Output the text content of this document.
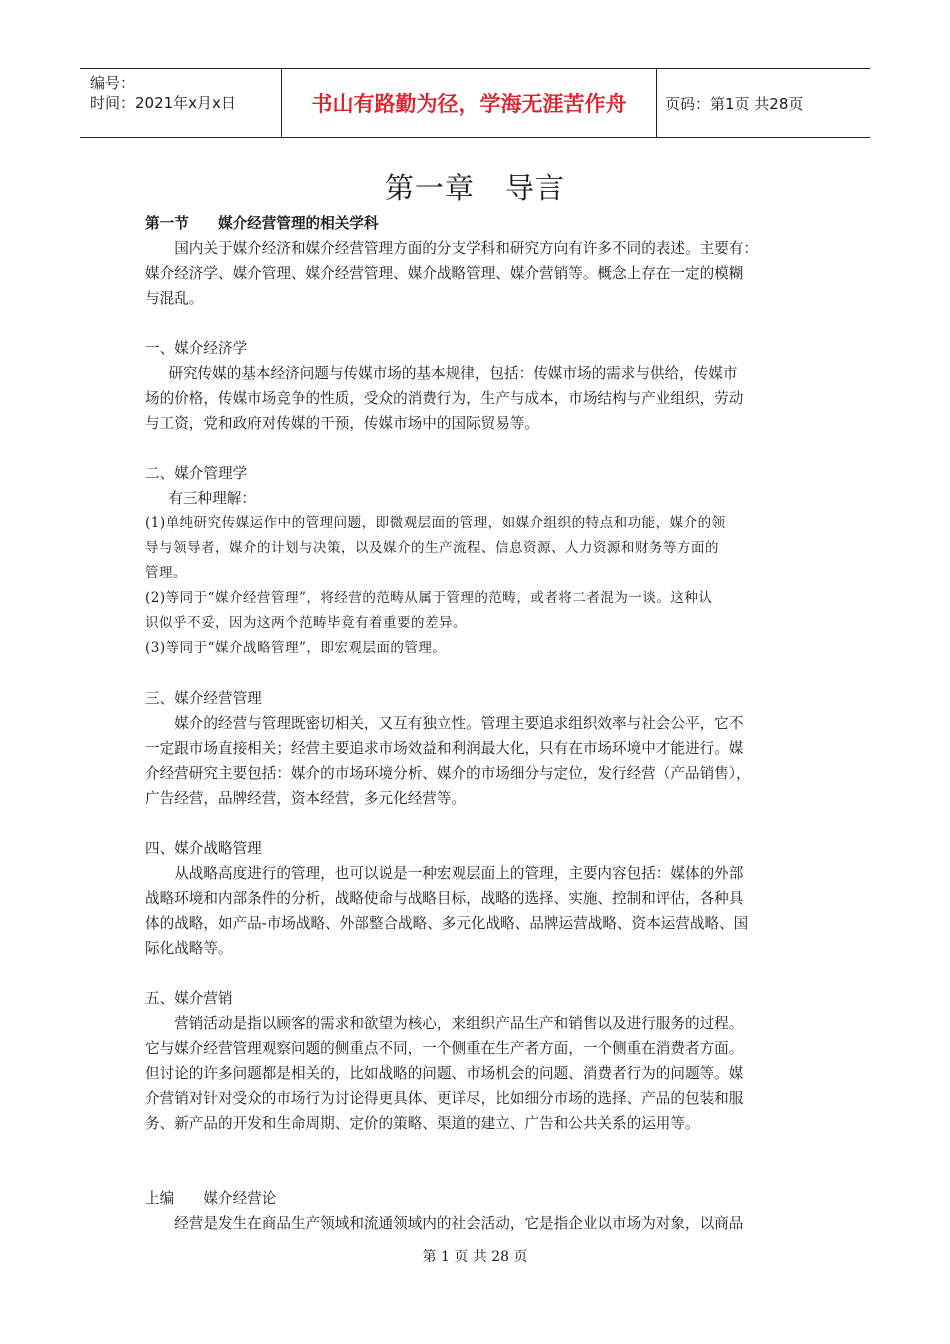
编号：
时间：2021年x月x日	书山有路勤为径，学海无涯苦作舟	页码：第1页 共28页
第一章　导言

第一节　　媒介经营管理的相关学科

国内关于媒介经济和媒介经营管理方面的分支学科和研究方向有许多不同的表述。主要有：

媒介经济学、媒介管理、媒介经营管理、媒介战略管理、媒介营销等。概念上存在一定的模糊

与混乱。

一、媒介经济学

研究传媒的基本经济问题与传媒市场的基本规律，包括：传媒市场的需求与供给，传媒市

场的价格，传媒市场竞争的性质，受众的消费行为，生产与成本，市场结构与产业组织，劳动

与工资，党和政府对传媒的干预，传媒市场中的国际贸易等。

二、媒介管理学

有三种理解：

(1)单纯研究传媒运作中的管理问题，即微观层面的管理，如媒介组织的特点和功能，媒介的领

导与领导者，媒介的计划与决策，以及媒介的生产流程、信息资源、人力资源和财务等方面的

管理。

(2)等同于“媒介经营管理”，将经营的范畴从属于管理的范畴，或者将二者混为一谈。这种认

识似乎不妥，因为这两个范畴毕竟有着重要的差异。

(3)等同于“媒介战略管理”，即宏观层面的管理。

三、媒介经营管理

媒介的经营与管理既密切相关，又互有独立性。管理主要追求组织效率与社会公平，它不

一定跟市场直接相关；经营主要追求市场效益和利润最大化，只有在市场环境中才能进行。媒

介经营研究主要包括：媒介的市场环境分析、媒介的市场细分与定位，发行经营（产品销售），

广告经营，品牌经营，资本经营，多元化经营等。

四、媒介战略管理

从战略高度进行的管理，也可以说是一种宏观层面上的管理，主要内容包括：媒体的外部

战略环境和内部条件的分析，战略使命与战略目标，战略的选择、实施、控制和评估，各种具

体的战略，如产品-市场战略、外部整合战略、多元化战略、品牌运营战略、资本运营战略、国

际化战略等。

五、媒介营销

营销活动是指以顾客的需求和欲望为核心，来组织产品生产和销售以及进行服务的过程。

它与媒介经营管理观察问题的侧重点不同，一个侧重在生产者方面，一个侧重在消费者方面。

但讨论的许多问题都是相关的，比如战略的问题、市场机会的问题、消费者行为的问题等。媒

介营销对针对受众的市场行为讨论得更具体、更详尽，比如细分市场的选择、产品的包装和服

务、新产品的开发和生命周期、定价的策略、渠道的建立、广告和公共关系的运用等。

上编　　媒介经营论

经营是发生在商品生产领域和流通领域内的社会活动，它是指企业以市场为对象，以商品

第 1 页 共 28 页
